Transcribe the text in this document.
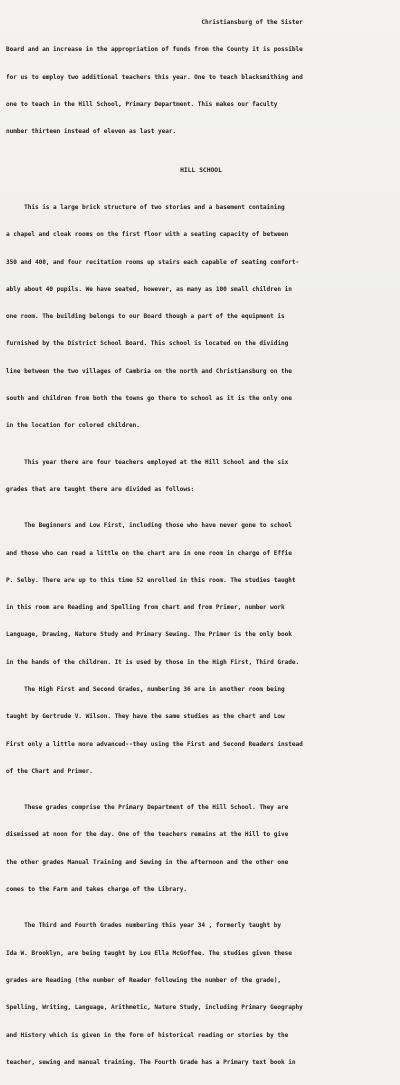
Christiansburg of the Sister

Board and an increase in the appropriation of funds from the County it is possible

for us to employ two additional teachers this year. One to teach blacksmithing and

one to teach in the Hill School, Primary Department. This makes our faculty

number thirteen instead of eleven as last year.

HILL SCHOOL

This is a large brick structure of two stories and a basement containing

a chapel and cloak rooms on the first floor with a seating capacity of between

350 and 400, and four recitation rooms up stairs each capable of seating comfort-

ably about 40 pupils. We have seated, however, as many as 100 small children in

one room. The building belongs to our Board though a part of the equipment is

furnished by the District School Board. This school is located on the dividing

line between the two villages of Cambria on the north and Christiansburg on the

south and children from both the towns go there to school as it is the only one

in the location for colored children.

This year there are four teachers employed at the Hill School and the six

grades that are taught there are divided as follows:

The Beginners and Low First, including those who have never gone to school

and those who can read a little on the chart are in one room in charge of Effie

P. Selby. There are up to this time 52 enrolled in this room. The studies taught

in this room are Reading and Spelling from chart and from Primer, number work

Language, Drawing, Nature Study and Primary Sewing. The Primer is the only book

in the hands of the children. It is used by those in the High First, Third Grade.

The High First and Second Grades, numbering 36 are in another room being

taught by Gertrude V. Wilson. They have the same studies as the chart and Low

First only a little more advanced--they using the First and Second Readers instead

of the Chart and Primer.

These grades comprise the Primary Department of the Hill School. They are

dismissed at noon for the day. One of the teachers remains at the Hill to give

the other grades Manual Training and Sewing in the afternoon and the other one

comes to the Farm and takes charge of the Library.

The Third and Fourth Grades numbering this year 34 , formerly taught by

Ida W. Brooklyn, are being taught by Lou Ella McGoffee. The studies given these

grades are Reading (the number of Reader following the number of the grade),

Spelling, Writing, Language, Arithmetic, Nature Study, including Primary Geography

and History which is given in the form of historical reading or stories by the

teacher, sewing and manual training. The Fourth Grade has a Primary text book in
